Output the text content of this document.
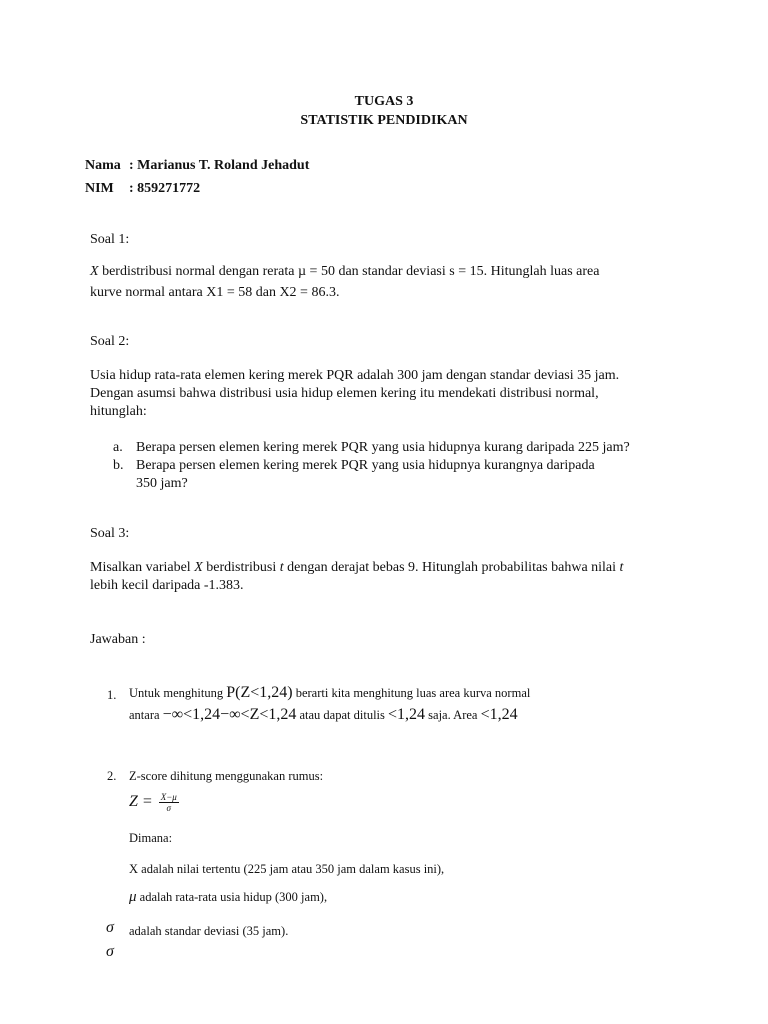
TUGAS 3
STATISTIK PENDIDIKAN
Nama : Marianus T. Roland Jehadut
NIM : 859271772
Soal 1:
X berdistribusi normal dengan rerata µ = 50 dan standar deviasi s = 15. Hitunglah luas area
kurve normal antara X1 = 58 dan X2 = 86.3.
Soal 2:
Usia hidup rata-rata elemen kering merek PQR adalah 300 jam dengan standar deviasi 35 jam.
Dengan asumsi bahwa distribusi usia hidup elemen kering itu mendekati distribusi normal,
hitunglah:
a. Berapa persen elemen kering merek PQR yang usia hidupnya kurang daripada 225 jam?
b. Berapa persen elemen kering merek PQR yang usia hidupnya kurangnya daripada
350 jam?
Soal 3:
Misalkan variabel X berdistribusi t dengan derajat bebas 9. Hitunglah probabilitas bahwa nilai t
lebih kecil daripada -1.383.
Jawaban :
1. Untuk menghitung P(Z<1,24) berarti kita menghitung luas area kurva normal
antara −∞<1,24−∞<Z<1,24 atau dapat ditulis <1,24 saja. Area <1,24
2. Z-score dihitung menggunakan rumus:
$Z = \frac{X-\mu}{\sigma}$
Dimana:
X adalah nilai tertentu (225 jam atau 350 jam dalam kasus ini),
μ adalah rata-rata usia hidup (300 jam),
σ adalah standar deviasi (35 jam).
σ
